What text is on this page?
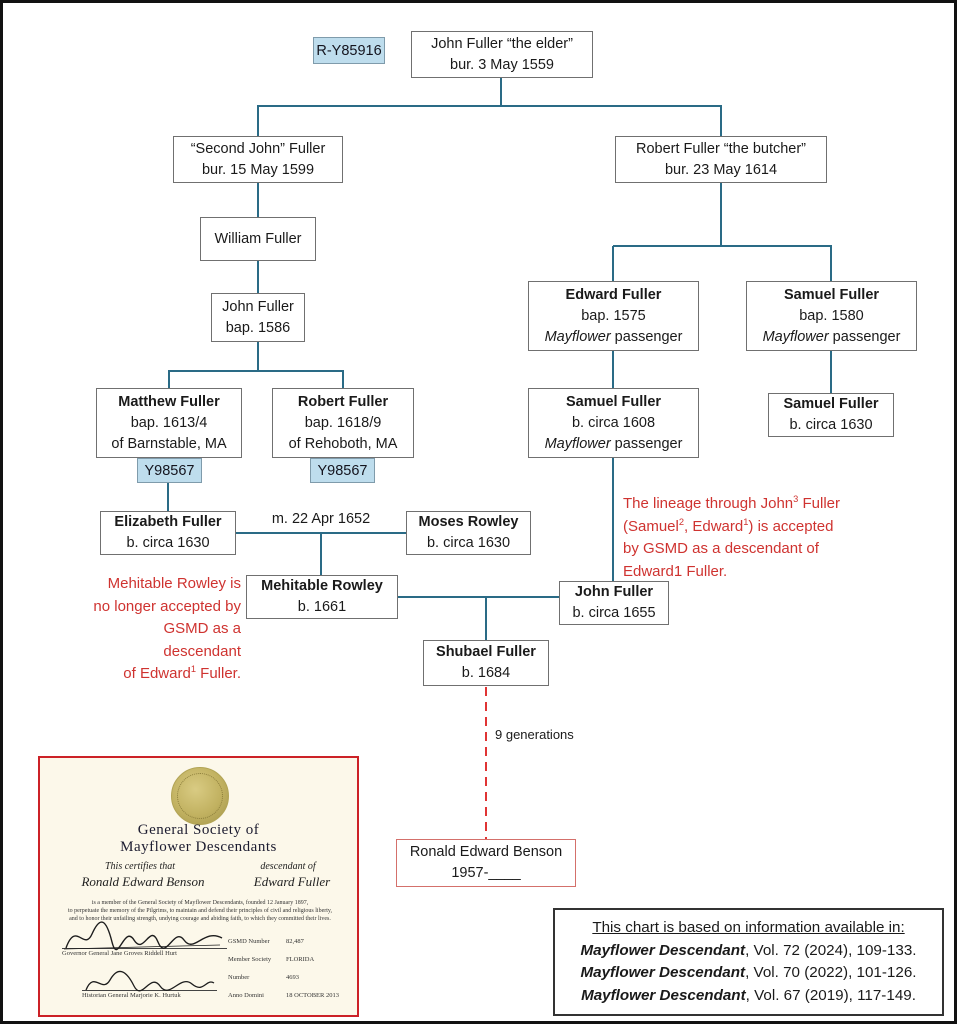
R-Y85916
Y98567	Y98567
John Fuller “the elder”
bur. 3 May 1559
“Second John” Fuller
bur. 15 May 1599
Robert Fuller “the butcher”
bur. 23 May 1614
William Fuller
John Fuller
bap. 1586
Matthew Fuller
bap. 1613/4
of Barnstable, MA
Robert Fuller
bap. 1618/9
of Rehoboth, MA
Elizabeth Fuller
b. circa 1630
m. 22 Apr 1652	Moses Rowley
b. circa 1630
Mehitable Rowley
b. 1661
Edward Fuller
bap. 1575
Mayflower passenger
Samuel Fuller
bap. 1580
Mayflower passenger
Samuel Fuller
b. circa 1608
Mayflower passenger
Samuel Fuller
b. circa 1630
John Fuller
b. circa 1655
Shubael Fuller
b. 1684
9 generations
Ronald Edward Benson
1957-____
Mehitable Rowley is
no longer accepted by
GSMD as a descendant
of Edward$^1$ Fuller.
The lineage through John$^3$ Fuller
(Samuel$^2$, Edward$^1$) is accepted
by GSMD as a descendant of
Edward1 Fuller.
General Society of
Mayflower Descendants
This certifies that	descendant of
Ronald Edward Benson	Edward Fuller
is a member of the General Society of Mayflower Descendants, founded 12 January 1897,
to perpetuate the memory of the Pilgrims, to maintain and defend their principles of civil and religious liberty,
and to honor their unfailing strength, undying courage and abiding faith, to which they committed their lives.
Governor General Jane Groves Riddell Hurt
Historian General Marjorie K. Hurtuk
GSMD Number	82,487
Member Society	FLORIDA
Number	4693
Anno Domini	18 OCTOBER 2013
This chart is based on information available in:
Mayflower Descendant, Vol. 72 (2024), 109-133.
Mayflower Descendant, Vol. 70 (2022), 101-126.
Mayflower Descendant, Vol. 67 (2019), 117-149.
